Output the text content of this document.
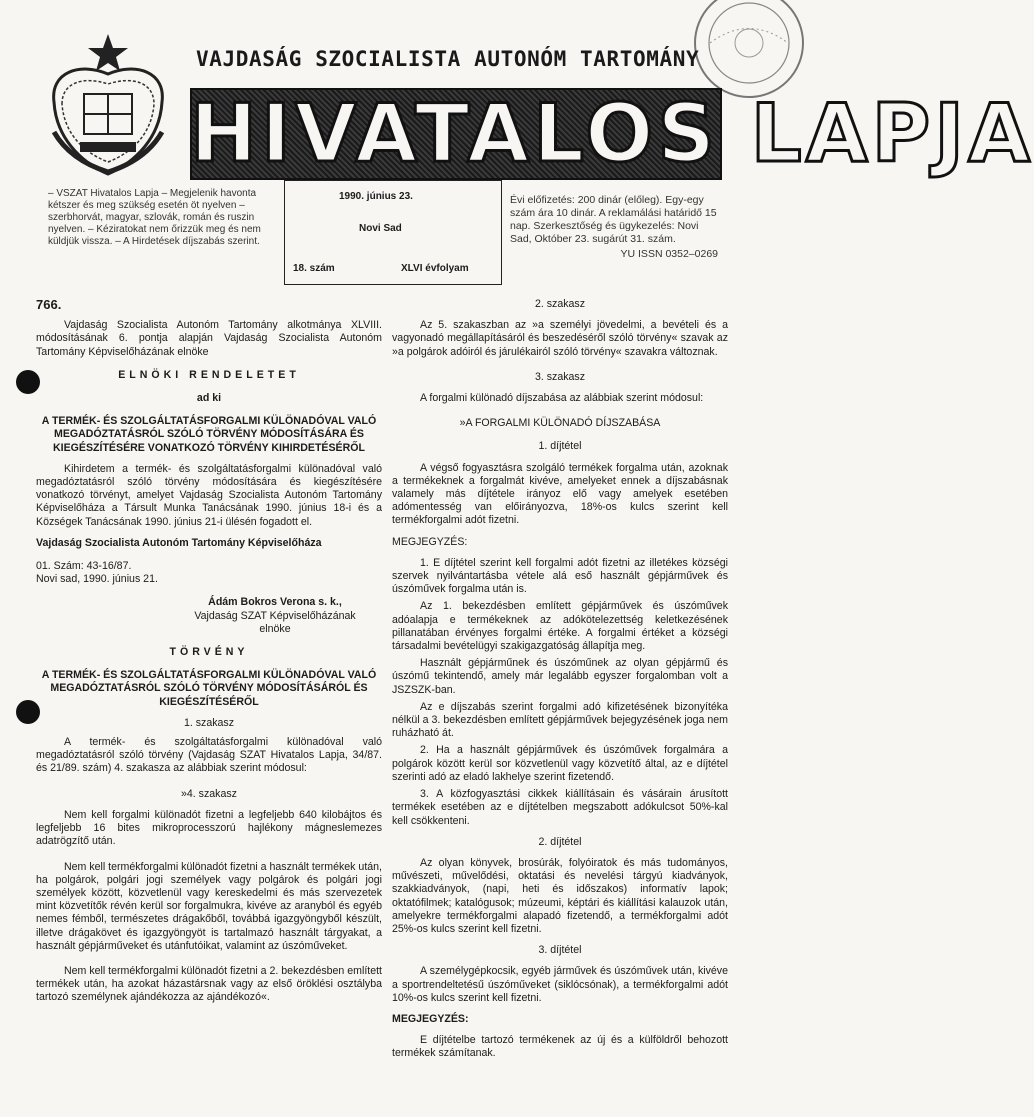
VAJDASÁG SZOCIALISTA AUTONÓM TARTOMÁNY
HIVATALOS LAPJA
– VSZAT Hivatalos Lapja – Megjelenik havonta kétszer és meg szükség esetén öt nyelven – szerbhorvát, magyar, szlovák, román és ruszin nyelven. – Kéziratokat nem őrizzük meg és nem küldjük vissza. – A Hirdetések díjszabás szerint.
1990. június 23.
Novi Sad
18. szám	XLVI évfolyam
Évi előfizetés: 200 dinár (előleg). Egy-egy szám ára 10 dinár. A reklamálási határidő 15 nap. Szerkesztőség és ügykezelés: Novi Sad, Október 23. sugárút 31. szám.
YU ISSN 0352–0269
766.
Vajdaság Szocialista Autonóm Tartomány alkotmánya XLVIII. módosításának 6. pontja alapján Vajdaság Szocialista Autonóm Tartomány Képviselőházának elnöke
ELNÖKI RENDELETET
ad ki
A TERMÉK- ÉS SZOLGÁLTATÁSFORGALMI KÜLÖNADÓVAL VALÓ MEGADÓZTATÁSRÓL SZÓLÓ TÖRVÉNY MÓDOSÍTÁSÁRA ÉS KIEGÉSZÍTÉSÉRE VONATKOZÓ TÖRVÉNY KIHIRDETÉSÉRŐL
Kihirdetem a termék- és szolgáltatásforgalmi különadóval való megadóztatásról szóló törvény módosítására és kiegészítésére vonatkozó törvényt, amelyet Vajdaság Szocialista Autonóm Tartomány Képviselőháza a Társult Munka Tanácsának 1990. június 18-i és a Községek Tanácsának 1990. június 21-i ülésén fogadott el.
Vajdaság Szocialista Autonóm Tartomány Képviselőháza
01. Szám: 43-16/87.
Novi sad, 1990. június 21.
Ádám Bokros Verona s. k.,
Vajdaság SZAT Képviselőházának
elnöke
TÖRVÉNY
A TERMÉK- ÉS SZOLGÁLTATÁSFORGALMI KÜLÖNADÓVAL VALÓ MEGADÓZTATÁSRÓL SZÓLÓ TÖRVÉNY MÓDOSÍTÁSÁRÓL ÉS KIEGÉSZÍTÉSÉRŐL
1. szakasz
A termék- és szolgáltatásforgalmi különadóval való megadóztatásról szóló törvény (Vajdaság SZAT Hivatalos Lapja, 34/87. és 21/89. szám) 4. szakasza az alábbiak szerint módosul:
»4. szakasz
Nem kell forgalmi különadót fizetni a legfeljebb 640 kilobájtos és legfeljebb 16 bites mikroprocesszorú hajlékony mágneslemezes adatrögzítő után.
Nem kell termékforgalmi különadót fizetni a használt termékek után, ha polgárok, polgári jogi személyek vagy polgárok és polgári jogi személyek között, közvetlenül vagy kereskedelmi és más szervezetek mint közvetítők révén kerül sor forgalmukra, kivéve az aranyból és egyéb nemes fémből, természetes drágakőből, továbbá igazgyöngyből készült, illetve drágakövet és igazgyöngyöt is tartalmazó használt tárgyakat, a használt gépjárműveket és utánfutóikat, valamint az úszóműveket.
Nem kell termékforgalmi különadót fizetni a 2. bekezdésben említett termékek után, ha azokat házastársnak vagy az első öröklési osztályba tartozó személynek ajándékozza az ajándékozó«.
2. szakasz
Az 5. szakaszban az »a személyi jövedelmi, a bevételi és a vagyonadó megállapításáról és beszedéséről szóló törvény« szavak az »a polgárok adóiról és járulékairól szóló törvény« szavakra változnak.
3. szakasz
A forgalmi különadó díjszabása az alábbiak szerint módosul:
»A FORGALMI KÜLÖNADÓ DÍJSZABÁSA
1. díjtétel
A végső fogyasztásra szolgáló termékek forgalma után, azoknak a termékeknek a forgalmát kivéve, amelyeket ennek a díjszabásnak valamely más díjtétele irányoz elő vagy amelyek esetében adómentesség van előirányozva, 18%-os kulcs szerint kell termékforgalmi adót fizetni.
MEGJEGYZÉS:
1. E díjtétel szerint kell forgalmi adót fizetni az illetékes községi szervek nyilvántartásba vétele alá eső használt gépjárművek és úszóművek forgalma után is.
Az 1. bekezdésben említett gépjárművek és úszóművek adóalapja e termékeknek az adókötelezettség keletkezésének pillanatában érvényes forgalmi értéke. A forgalmi értéket a községi társadalmi bevételügyi szakigazgatóság állapítja meg.
Használt gépjárműnek és úszóműnek az olyan gépjármű és úszómű tekintendő, amely már legalább egyszer forgalomban volt a JSZSZK-ban.
Az e díjszabás szerint forgalmi adó kifizetésének bizonyítéka nélkül a 3. bekezdésben említett gépjárművek bejegyzésének joga nem ruházható át.
2. Ha a használt gépjárművek és úszóművek forgalmára a polgárok között kerül sor közvetlenül vagy közvetítő által, az e díjtétel szerinti adó az eladó lakhelye szerint fizetendő.
3. A közfogyasztási cikkek kiállításain és vásárain árusított termékek esetében az e díjtételben megszabott adókulcsot 50%-kal kell csökkenteni.
2. díjtétel
Az olyan könyvek, brosúrák, folyóiratok és más tudományos, művészeti, művelődési, oktatási és nevelési tárgyú kiadványok, szakkiadványok, (napi, heti és időszakos) informatív lapok; oktatófilmek; katalógusok; múzeumi, képtári és kiállítási kalauzok után, amelyekre termékforgalmi alapadó fizetendő, a termékforgalmi adót 25%-os kulcs szerint kell fizetni.
3. díjtétel
A személygépkocsik, egyéb járművek és úszóművek után, kivéve a sportrendeltetésű úszóműveket (siklócsónak), a termékforgalmi adót 10%-os kulcs szerint kell fizetni.
MEGJEGYZÉS:
E díjtételbe tartozó termékenek az új és a külföldről behozott termékek számítanak.
